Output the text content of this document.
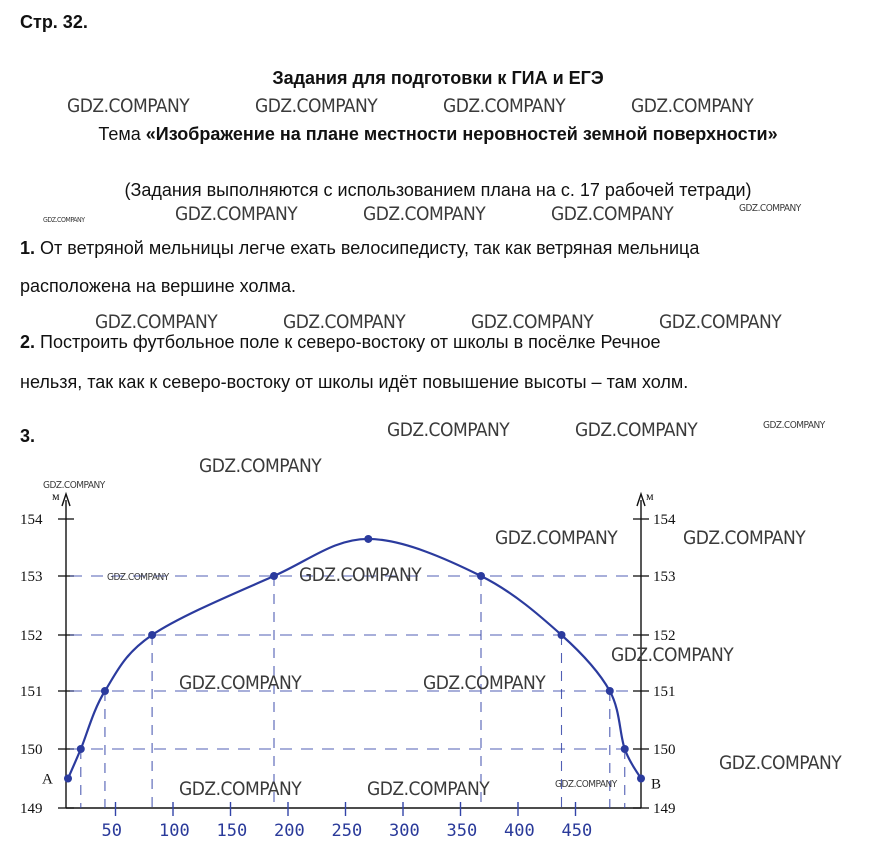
Стр. 32.
Задания для подготовки к ГИА и ЕГЭ
Тема «Изображение на плане местности неровностей земной поверхности»
(Задания выполняются с использованием плана на с. 17 рабочей тетради)
1. От ветряной мельницы легче ехать велосипедисту, так как ветряная мельница
расположена на вершине холма.
2. Построить футбольное поле к северо-востоку от школы в посёлке Речное
нельзя, так как к северо-востоку от школы идёт повышение высоты – там холм.
3.
м	м
149	149
150	150
151	151
152	152
153	153
154	154
50 100 150 200 250 300 350 400 450
A	B
GDZ.COMPANY	GDZ.COMPANY	GDZ.COMPANY	GDZ.COMPANY
GDZ.COMPANY	GDZ.COMPANY	GDZ.COMPANY	GDZ.COMPANY	GDZ.COMPANY
GDZ.COMPANY	GDZ.COMPANY	GDZ.COMPANY	GDZ.COMPANY
GDZ.COMPANY	GDZ.COMPANY	GDZ.COMPANY
GDZ.COMPANY
GDZ.COMPANY
GDZ.COMPANY	GDZ.COMPANY
GDZ.COMPANY	GDZ.COMPANY
GDZ.COMPANY
GDZ.COMPANY	GDZ.COMPANY
GDZ.COMPANY
GDZ.COMPANY	GDZ.COMPANY	GDZ.COMPANY
